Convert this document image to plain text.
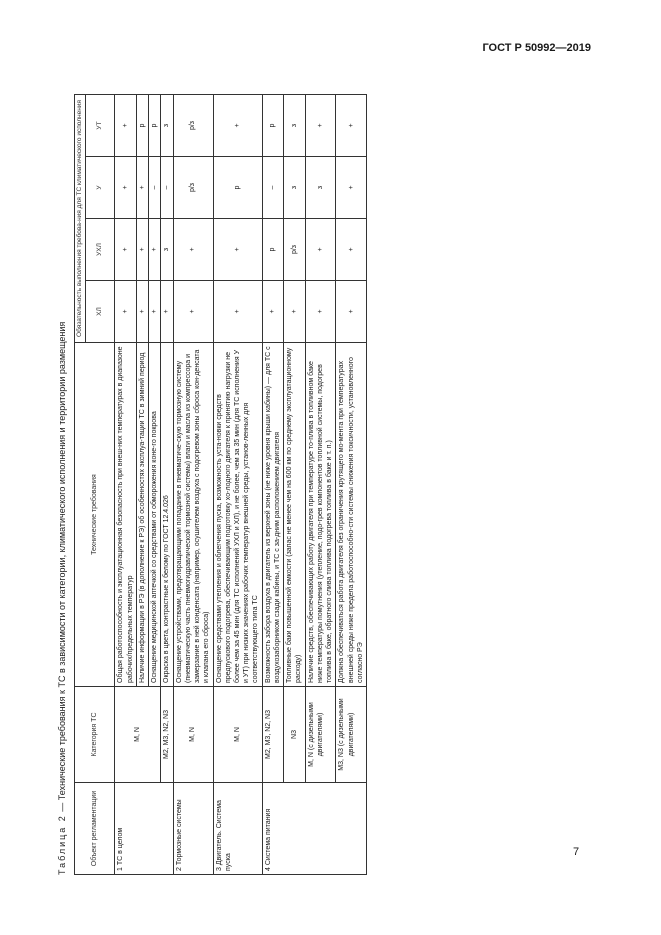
ГОСТ Р 50992—2019
Таблица 2 — Технические требования к ТС в зависимости от категории, климатического исполнения и территории размещения
Объект регламентации	Категория ТС	Технические требования	Обязательность выполнения требова-ния для ТС климатического исполнения			
			ХЛ	УХЛ	У	УТ
1 ТС в целом	M, N	Общая работоспособность и эксплуатационная безопасность при внеш-них температурах в диапазоне рабочих/предельных температур	+	+	+	+
		Наличие информации в РЭ (в дополнение к РЭ) об особенностях эксплуа-тации ТС в зимний период	+	+	+	р
		Оснащение медицинской аптечкой со средствами от обморожения коне-го покрова	+	+	–	р
	M2, M3, N2, N3	Окраска в цвета, контрастные к белому по ГОСТ 12.4.026	+	з	–	з
2 Тормозные системы	M, N	Оснащение устройствами, предотвращающими попадание в пневматиче-скую тормозную систему (пневматическую часть пневмогидравлической тормозной системы) влаги и масла из компрессора и замерзание в ней конденсата (например, осушителем воздуха с подогревом зоны сброса кон-денсата и клапана его сброса)	+	+	р/з	р/з
3 Двигатель. Система пуска	M, N	Оснащение средствами утепления и облегчения пуска, возможность уста-новки средств предпускового подогрева, обеспечивающим подготовку хо-лодного двигателя к принятию нагрузки не более чем за 45 мин (для ТС исполнений УХЛ и ХЛ), и не более, чем за 35 мин (для ТС исполнения У и УТ) при низких значениях рабочих температур внешней среды, установ-ленных для соответствующего типа ТС	+	+	р	+
4 Система питания	M2, M3, N2, N3	Возможность забора воздуха в двигатель из верхней зоны (не ниже уровня крыши кабины) — для ТС с воздухозаборником сзади кабины, и ТС с за-дним расположением двигателя	+	р	–	р
	N3	Топливные баки повышенной емкости (запас не менее чем на 600 км по среднему эксплуатационному расходу)	+	р/з	з	з
	M, N (с дизельными двигателями)	Наличие средств, обеспечивающих работу двигателя при температуре то-плива в топливном баке ниже температуры помутнения (утепление, подо-грев компонентов топливной системы, подогрев топлива в баке, обратного слива топлива подогрева топлива в баке и т. п.)	+	+	з	+
	M3, N3 (с дизельными двигателями)	Должна обеспечиваться работа двигателя без ограничения крутящего мо-мента при температурах внешней среды ниже предела работоспособно-сти системы снижения токсичности, установленного согласно РЭ	+	+	+	+
7
